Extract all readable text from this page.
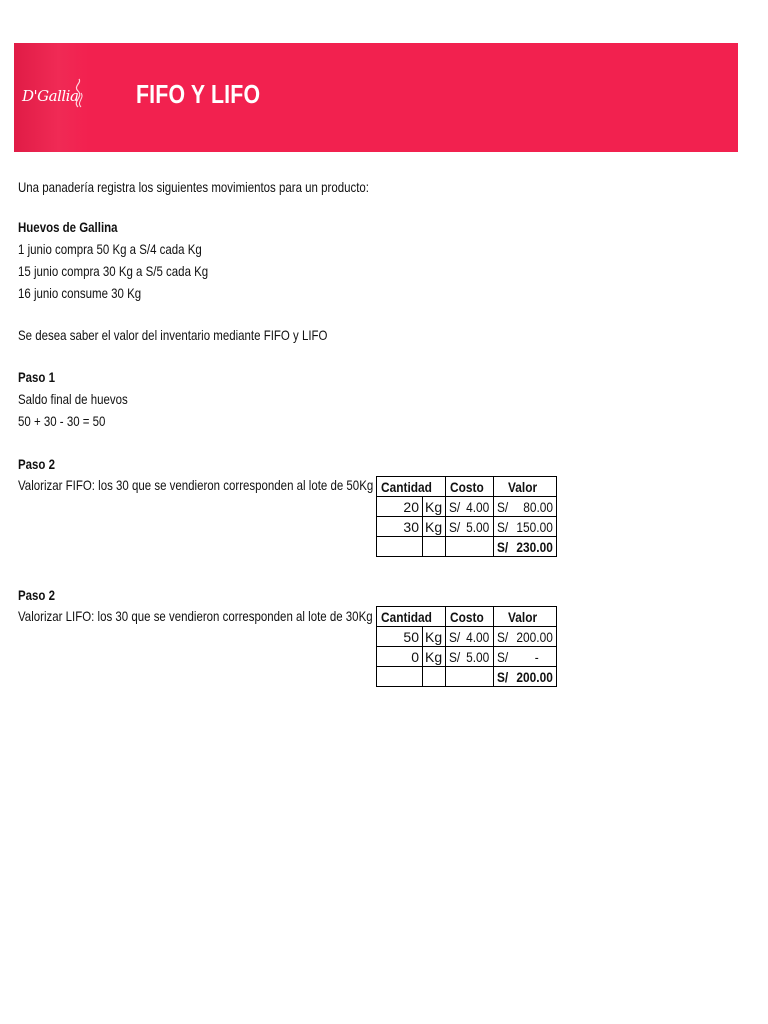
D'Gallia FIFO Y LIFO
Una panadería registra los siguientes movimientos para un producto:
Huevos de Gallina
1 junio compra 50 Kg a S/4 cada Kg
15 junio compra 30 Kg a S/5 cada Kg
16 junio consume 30 Kg
Se desea saber el valor del inventario mediante FIFO y LIFO
Paso 1
Saldo final de huevos
50 + 30 - 30 = 50
Paso 2
Valorizar FIFO: los 30 que se vendieron corresponden al lote de 50Kg Cantidad		Costo	Valor
20	Kg	S/ 4.00	S/ 80.00

30	Kg	S/ 5.00	S/ 150.00

			S/ 230.00
Paso 2
Valorizar LIFO: los 30 que se vendieron corresponden al lote de 30Kg Cantidad		Costo	Valor
50	Kg	S/ 4.00	S/ 200.00

0	Kg	S/ 5.00	S/ -

			S/ 200.00
